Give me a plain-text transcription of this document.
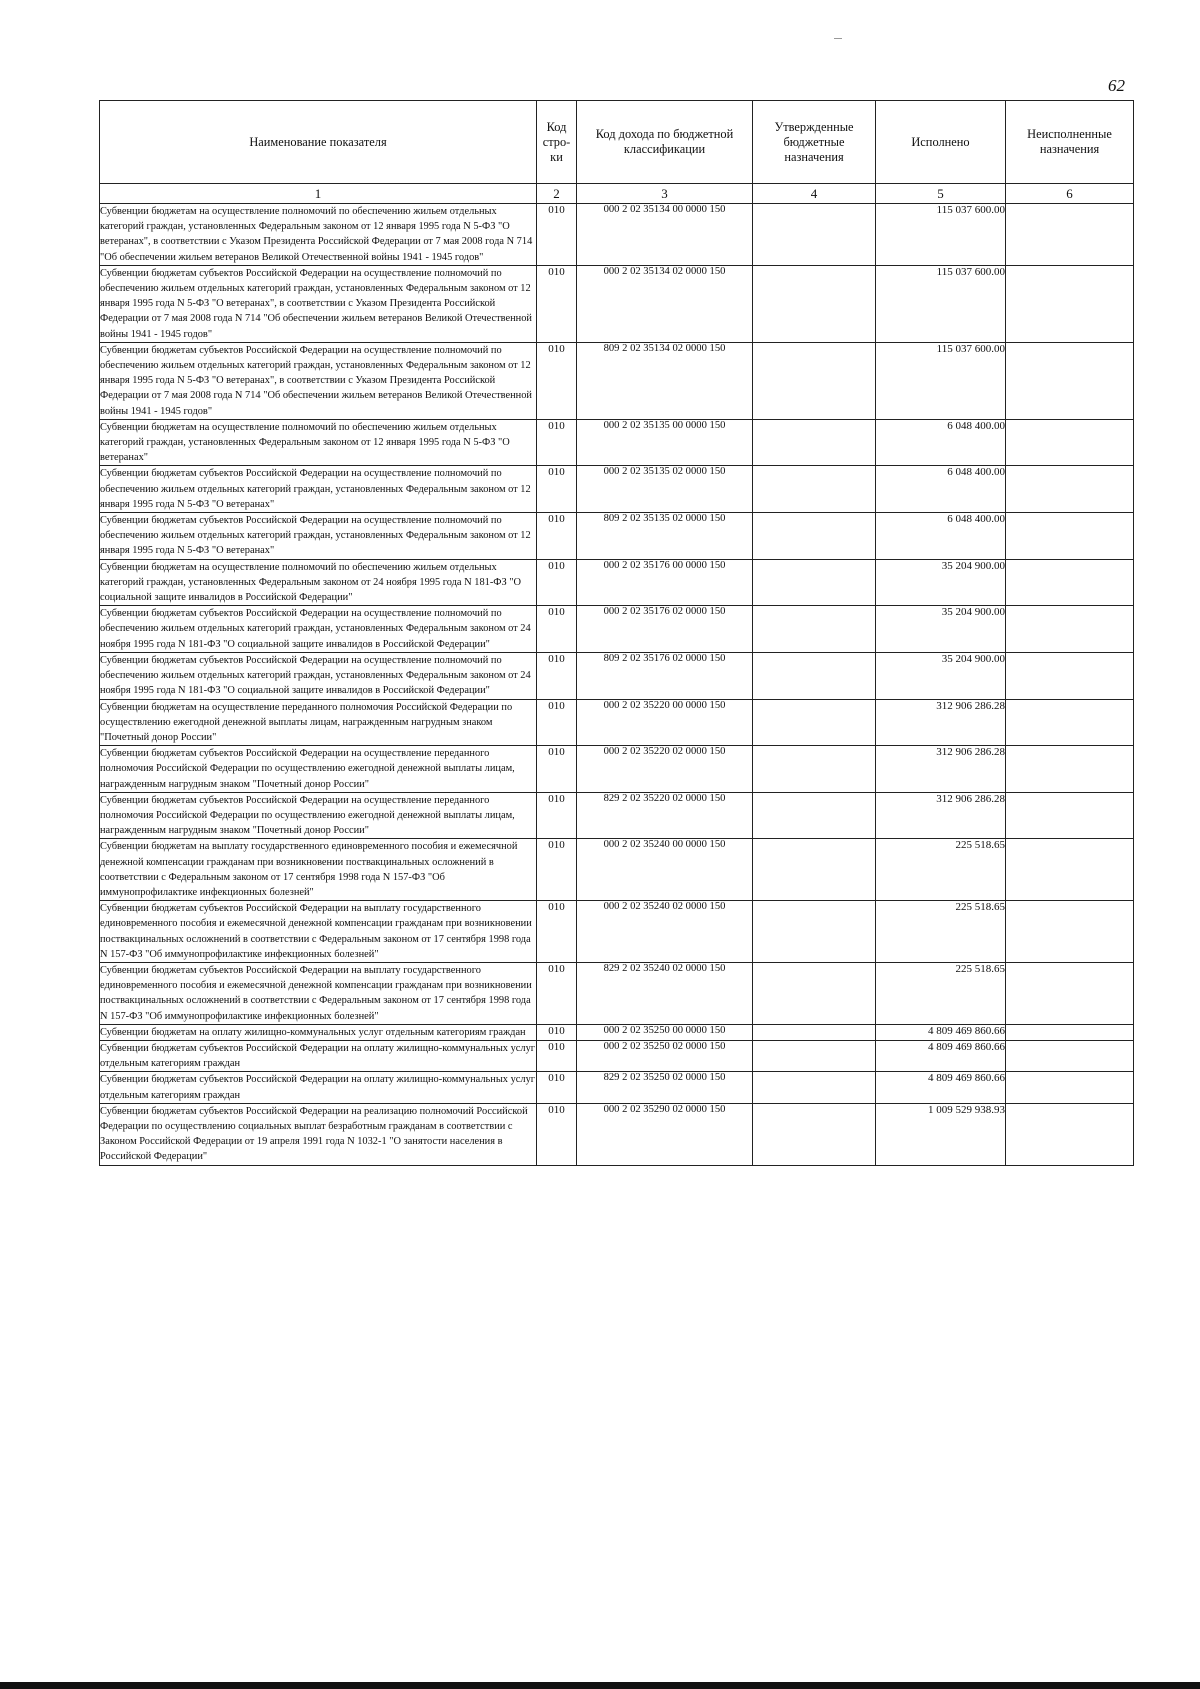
62
Наименование показателя	Код стро- ки	Код дохода по бюджетной классификации	Утвержденные бюджетные назначения	Исполнено	Неисполненные назначения
1	2	3	4	5	6
Субвенции бюджетам на осуществление полномочий по обеспечению жильем отдельных категорий граждан, установленных Федеральным законом от 12 января 1995 года N 5-ФЗ "О ветеранах", в соответствии с Указом Президента Российской Федерации от 7 мая 2008 года N 714 "Об обеспечении жильем ветеранов Великой Отечественной войны 1941 - 1945 годов"	010	000 2 02 35134 00 0000 150		115 037 600.00	
Субвенции бюджетам субъектов Российской Федерации на осуществление полномочий по обеспечению жильем отдельных категорий граждан, установленных Федеральным законом от 12 января 1995 года N 5-ФЗ "О ветеранах", в соответствии с Указом Президента Российской Федерации от 7 мая 2008 года N 714 "Об обеспечении жильем ветеранов Великой Отечественной войны 1941 - 1945 годов"	010	000 2 02 35134 02 0000 150		115 037 600.00	
Субвенции бюджетам субъектов Российской Федерации на осуществление полномочий по обеспечению жильем отдельных категорий граждан, установленных Федеральным законом от 12 января 1995 года N 5-ФЗ "О ветеранах", в соответствии с Указом Президента Российской Федерации от 7 мая 2008 года N 714 "Об обеспечении жильем ветеранов Великой Отечественной войны 1941 - 1945 годов"	010	809 2 02 35134 02 0000 150		115 037 600.00	
Субвенции бюджетам на осуществление полномочий по обеспечению жильем отдельных категорий граждан, установленных Федеральным законом от 12 января 1995 года N 5-ФЗ "О ветеранах"	010	000 2 02 35135 00 0000 150		6 048 400.00	
Субвенции бюджетам субъектов Российской Федерации на осуществление полномочий по обеспечению жильем отдельных категорий граждан, установленных Федеральным законом от 12 января 1995 года N 5-ФЗ "О ветеранах"	010	000 2 02 35135 02 0000 150		6 048 400.00	
Субвенции бюджетам субъектов Российской Федерации на осуществление полномочий по обеспечению жильем отдельных категорий граждан, установленных Федеральным законом от 12 января 1995 года N 5-ФЗ "О ветеранах"	010	809 2 02 35135 02 0000 150		6 048 400.00	
Субвенции бюджетам на осуществление полномочий по обеспечению жильем отдельных категорий граждан, установленных Федеральным законом от 24 ноября 1995 года N 181-ФЗ "О социальной защите инвалидов в Российской Федерации"	010	000 2 02 35176 00 0000 150		35 204 900.00	
Субвенции бюджетам субъектов Российской Федерации на осуществление полномочий по обеспечению жильем отдельных категорий граждан, установленных Федеральным законом от 24 ноября 1995 года N 181-ФЗ "О социальной защите инвалидов в Российской Федерации"	010	000 2 02 35176 02 0000 150		35 204 900.00	
Субвенции бюджетам субъектов Российской Федерации на осуществление полномочий по обеспечению жильем отдельных категорий граждан, установленных Федеральным законом от 24 ноября 1995 года N 181-ФЗ "О социальной защите инвалидов в Российской Федерации"	010	809 2 02 35176 02 0000 150		35 204 900.00	
Субвенции бюджетам на осуществление переданного полномочия Российской Федерации по осуществлению ежегодной денежной выплаты лицам, награжденным нагрудным знаком "Почетный донор России"	010	000 2 02 35220 00 0000 150		312 906 286.28	
Субвенции бюджетам субъектов Российской Федерации на осуществление переданного полномочия Российской Федерации по осуществлению ежегодной денежной выплаты лицам, награжденным нагрудным знаком "Почетный донор России"	010	000 2 02 35220 02 0000 150		312 906 286.28	
Субвенции бюджетам субъектов Российской Федерации на осуществление переданного полномочия Российской Федерации по осуществлению ежегодной денежной выплаты лицам, награжденным нагрудным знаком "Почетный донор России"	010	829 2 02 35220 02 0000 150		312 906 286.28	
Субвенции бюджетам на выплату государственного единовременного пособия и ежемесячной денежной компенсации гражданам при возникновении поствакцинальных осложнений в соответствии с Федеральным законом от 17 сентября 1998 года N 157-ФЗ "Об иммунопрофилактике инфекционных болезней"	010	000 2 02 35240 00 0000 150		225 518.65	
Субвенции бюджетам субъектов Российской Федерации на выплату государственного единовременного пособия и ежемесячной денежной компенсации гражданам при возникновении поствакцинальных осложнений в соответствии с Федеральным законом от 17 сентября 1998 года N 157-ФЗ "Об иммунопрофилактике инфекционных болезней"	010	000 2 02 35240 02 0000 150		225 518.65	
Субвенции бюджетам субъектов Российской Федерации на выплату государственного единовременного пособия и ежемесячной денежной компенсации гражданам при возникновении поствакцинальных осложнений в соответствии с Федеральным законом от 17 сентября 1998 года N 157-ФЗ "Об иммунопрофилактике инфекционных болезней"	010	829 2 02 35240 02 0000 150		225 518.65	
Субвенции бюджетам на оплату жилищно-коммунальных услуг отдельным категориям граждан	010	000 2 02 35250 00 0000 150		4 809 469 860.66	
Субвенции бюджетам субъектов Российской Федерации на оплату жилищно-коммунальных услуг отдельным категориям граждан	010	000 2 02 35250 02 0000 150		4 809 469 860.66	
Субвенции бюджетам субъектов Российской Федерации на оплату жилищно-коммунальных услуг отдельным категориям граждан	010	829 2 02 35250 02 0000 150		4 809 469 860.66	
Субвенции бюджетам субъектов Российской Федерации на реализацию полномочий Российской Федерации по осуществлению социальных выплат безработным гражданам в соответствии с Законом Российской Федерации от 19 апреля 1991 года N 1032-1 "О занятости населения в Российской Федерации"	010	000 2 02 35290 02 0000 150		1 009 529 938.93	
